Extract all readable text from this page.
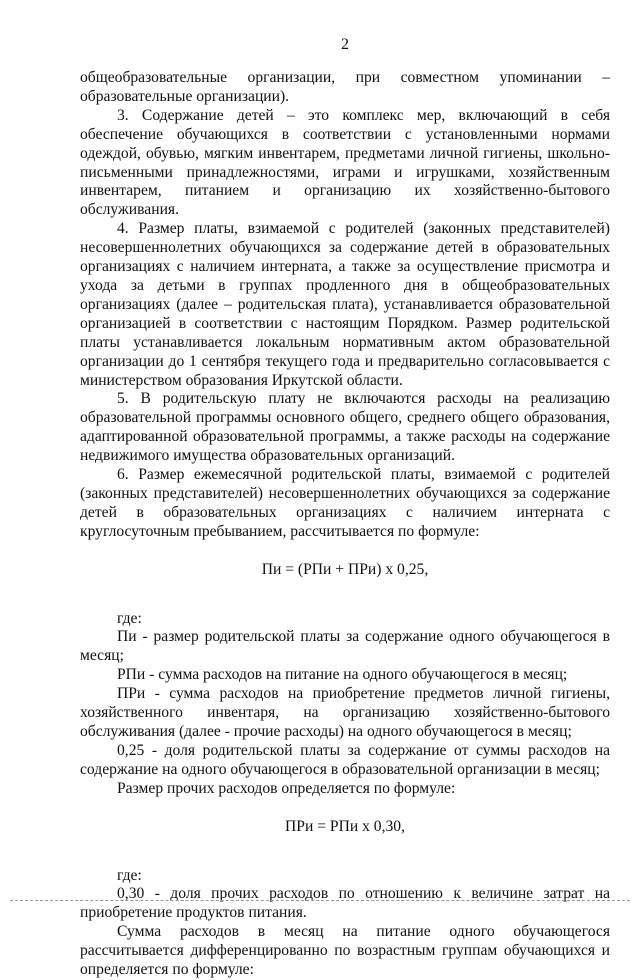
2

общеобразовательные организации, при совместном упоминании – образовательные организации).

3. Содержание детей – это комплекс мер, включающий в себя обеспечение обучающихся в соответствии с установленными нормами одеждой, обувью, мягким инвентарем, предметами личной гигиены, школьно-письменными принадлежностями, играми и игрушками, хозяйственным инвентарем, питанием и организацию их хозяйственно-бытового обслуживания.

4. Размер платы, взимаемой с родителей (законных представителей) несовершеннолетних обучающихся за содержание детей в образовательных организациях с наличием интерната, а также за осуществление присмотра и ухода за детьми в группах продленного дня в общеобразовательных организациях (далее – родительская плата), устанавливается образовательной организацией в соответствии с настоящим Порядком. Размер родительской платы устанавливается локальным нормативным актом образовательной организации до 1 сентября текущего года и предварительно согласовывается с министерством образования Иркутской области.

5. В родительскую плату не включаются расходы на реализацию образовательной программы основного общего, среднего общего образования, адаптированной образовательной программы, а также расходы на содержание недвижимого имущества образовательных организаций.

6. Размер ежемесячной родительской платы, взимаемой с родителей (законных представителей) несовершеннолетних обучающихся за содержание детей в образовательных организациях с наличием интерната с круглосуточным пребыванием, рассчитывается по формуле:

Пи = (РПи + ПРи) х 0,25,

где:

Пи - размер родительской платы за содержание одного обучающегося в месяц;

РПи - сумма расходов на питание на одного обучающегося в месяц;

ПРи - сумма расходов на приобретение предметов личной гигиены, хозяйственного инвентаря, на организацию хозяйственно-бытового обслуживания (далее - прочие расходы) на одного обучающегося в месяц;

0,25 - доля родительской платы за содержание от суммы расходов на содержание на одного обучающегося в образовательной организации в месяц;

Размер прочих расходов определяется по формуле:

ПРи = РПи х 0,30,

где:

0,30 - доля прочих расходов по отношению к величине затрат на приобретение продуктов питания.

Сумма расходов в месяц на питание одного обучающегося рассчитывается дифференцированно по возрастным группам обучающихся и определяется по формуле:
